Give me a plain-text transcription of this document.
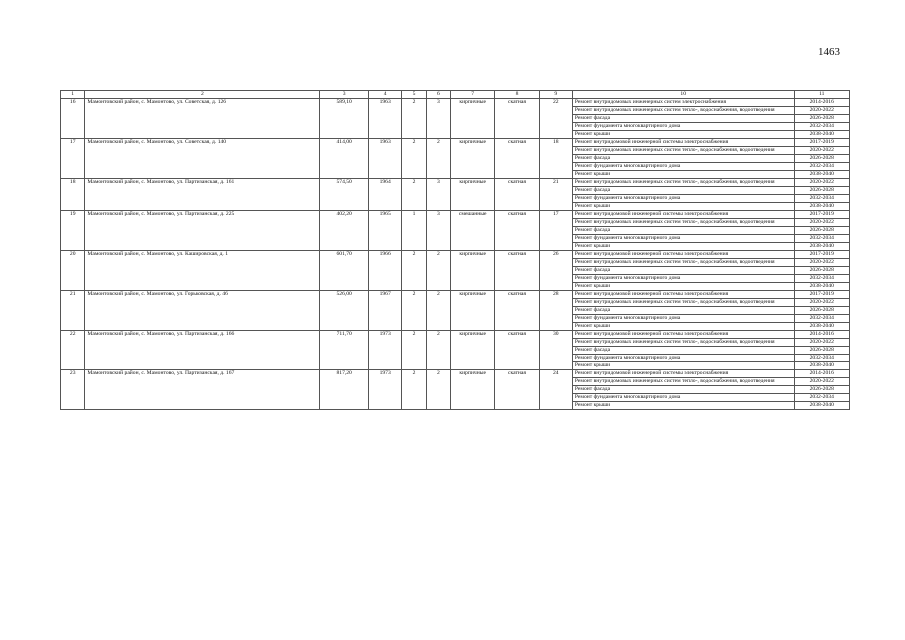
1463
1	2	3	4	5	6	7	8	9	10	11
16	Мамонтовский район, с. Мамонтово, ул. Советская, д. 126	589,10	1963	2	3	кирпичные	скатная	22	Ремонт внутридомовых инженерных систем электроснабжения	2014-2016
									Ремонт внутридомовых инженерных систем тепло-, водоснабжения, водоотведения	2020-2022
									Ремонт фасада	2026-2028
									Ремонт фундамента многоквартирного дома	2032-2034
									Ремонт крыши	2038-2040
17	Мамонтовский район, с. Мамонтово, ул. Советская, д. 140	414,00	1963	2	2	кирпичные	скатная	18	Ремонт внутридомовой инженерной системы электроснабжения	2017-2019
									Ремонт внутридомовых инженерных систем тепло-, водоснабжения, водоотведения	2020-2022
									Ремонт фасада	2026-2028
									Ремонт фундамента многоквартирного дома	2032-2034
									Ремонт крыши	2038-2040
18	Мамонтовский район, с. Мамонтово, ул. Партизанская, д. 161	574,50	1964	2	3	кирпичные	скатная	21	Ремонт внутридомовых инженерных систем тепло-, водоснабжения, водоотведения	2020-2022
									Ремонт фасада	2026-2028
									Ремонт фундамента многоквартирного дома	2032-2034
									Ремонт крыши	2038-2040
19	Мамонтовский район, с. Мамонтово, ул. Партизанская, д. 225	402,20	1965	1	3	смешанные	скатная	17	Ремонт внутридомовой инженерной системы электроснабжения	2017-2019
									Ремонт внутридомовых инженерных систем тепло-, водоснабжения, водоотведения	2020-2022
									Ремонт фасада	2026-2028
									Ремонт фундамента многоквартирного дома	2032-2034
									Ремонт крыши	2038-2040
20	Мамонтовский район, с. Мамонтово, ул. Кашировская, д. 1	601,70	1966	2	2	кирпичные	скатная	26	Ремонт внутридомовой инженерной системы электроснабжения	2017-2019
									Ремонт внутридомовых инженерных систем тепло-, водоснабжения, водоотведения	2020-2022
									Ремонт фасада	2026-2028
									Ремонт фундамента многоквартирного дома	2032-2034
									Ремонт крыши	2038-2040
21	Мамонтовский район, с. Мамонтово, ул. Горьковская, д. 46	526,00	1967	2	2	кирпичные	скатная	28	Ремонт внутридомовой инженерной системы электроснабжения	2017-2019
									Ремонт внутридомовых инженерных систем тепло-, водоснабжения, водоотведения	2020-2022
									Ремонт фасада	2026-2028
									Ремонт фундамента многоквартирного дома	2032-2034
									Ремонт крыши	2038-2040
22	Мамонтовский район, с. Мамонтово, ул. Партизанская, д. 166	711,70	1973	2	2	кирпичные	скатная	30	Ремонт внутридомовой инженерной системы электроснабжения	2014-2016
									Ремонт внутридомовых инженерных систем тепло-, водоснабжения, водоотведения	2020-2022
									Ремонт фасада	2026-2028
									Ремонт фундамента многоквартирного дома	2032-2034
									Ремонт крыши	2038-2040
23	Мамонтовский район, с. Мамонтово, ул. Партизанская, д. 167	817,20	1973	2	2	кирпичные	скатная	24	Ремонт внутридомовой инженерной системы электроснабжения	2014-2016
									Ремонт внутридомовых инженерных систем тепло-, водоснабжения, водоотведения	2020-2022
									Ремонт фасада	2026-2028
									Ремонт фундамента многоквартирного дома	2032-2034
									Ремонт крыши	2038-2040
